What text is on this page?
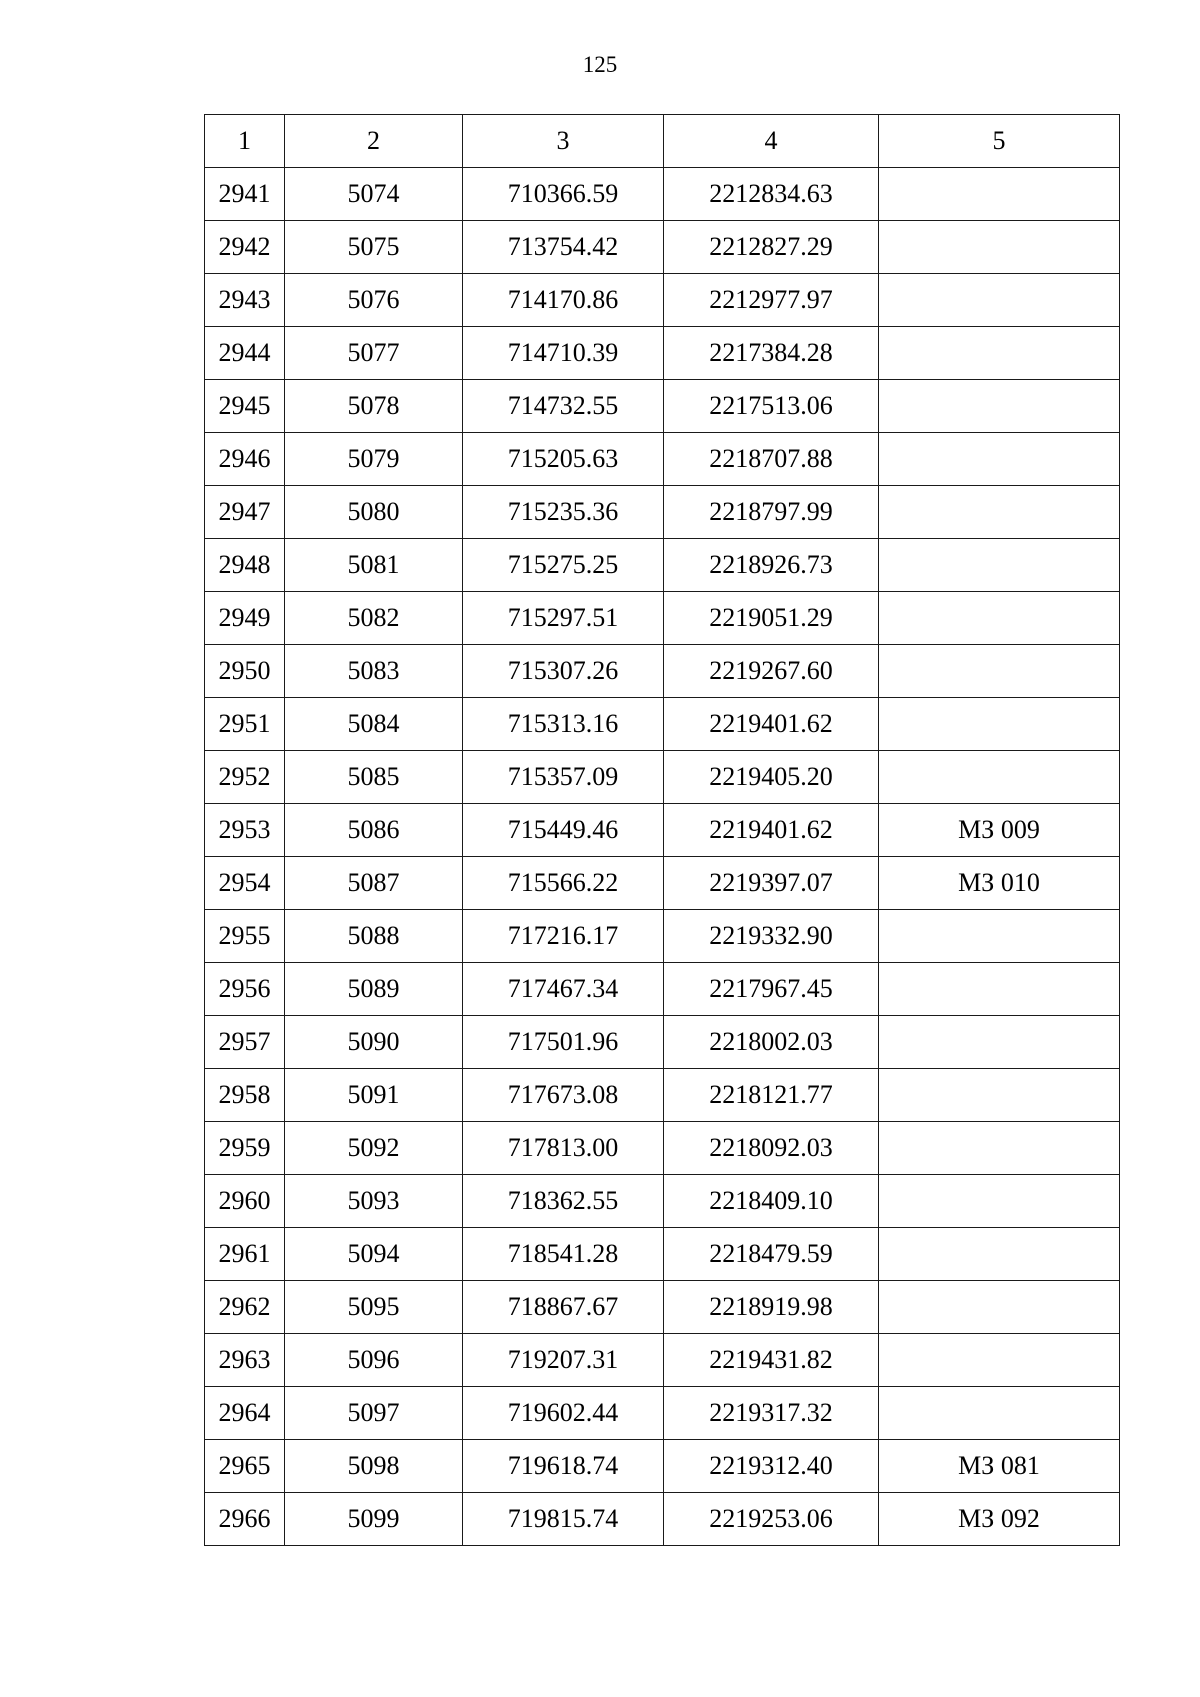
125
1	2	3	4	5
2941	5074	710366.59	2212834.63	
2942	5075	713754.42	2212827.29	
2943	5076	714170.86	2212977.97	
2944	5077	714710.39	2217384.28	
2945	5078	714732.55	2217513.06	
2946	5079	715205.63	2218707.88	
2947	5080	715235.36	2218797.99	
2948	5081	715275.25	2218926.73	
2949	5082	715297.51	2219051.29	
2950	5083	715307.26	2219267.60	
2951	5084	715313.16	2219401.62	
2952	5085	715357.09	2219405.20	
2953	5086	715449.46	2219401.62	МЗ 009
2954	5087	715566.22	2219397.07	МЗ 010
2955	5088	717216.17	2219332.90	
2956	5089	717467.34	2217967.45	
2957	5090	717501.96	2218002.03	
2958	5091	717673.08	2218121.77	
2959	5092	717813.00	2218092.03	
2960	5093	718362.55	2218409.10	
2961	5094	718541.28	2218479.59	
2962	5095	718867.67	2218919.98	
2963	5096	719207.31	2219431.82	
2964	5097	719602.44	2219317.32	
2965	5098	719618.74	2219312.40	МЗ 081
2966	5099	719815.74	2219253.06	МЗ 092
